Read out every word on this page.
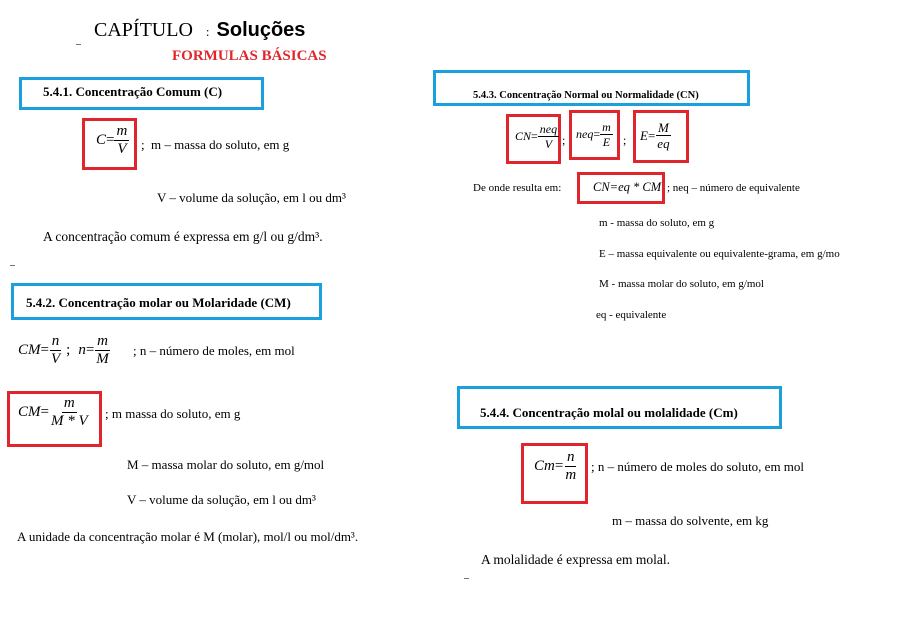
CAPÍTULO : Soluções
FORMULAS BÁSICAS
5.4.1. Concentração Comum (C)
$C = \frac{m}{V}$ ; m – massa do soluto, em g
V – volume da solução, em l ou dm³
A concentração comum é expressa em g/l ou g/dm³.
5.4.2. Concentração molar ou Molaridade (CM)
CM = $\frac{n}{V}$ ; $n = \frac{m}{M}$ ; n – número de moles, em mol
CM = $\frac{m}{M * V}$ ; m massa do soluto, em g
M – massa molar do soluto, em g/mol
V – volume da solução, em l ou dm³
A unidade da concentração molar é M (molar), mol/l ou mol/dm³.
5.4.3. Concentração Normal ou Normalidade (CN)
CN = $\frac{\text{neq}}{V}$ ; neq = $\frac{m}{E}$ ; $E = \frac{M}{eq}$
De onde resulta em:	CN=eq * CM ; neq – número de equivalente
m - massa do soluto, em g
E – massa equivalente ou equivalente-grama, em g/mo
M - massa molar do soluto, em g/mol
eq - equivalente
5.4.4. Concentração molal ou molalidade (Cm)
$Cm = \frac{n}{m}$ ; n – número de moles do soluto, em mol
m – massa do solvente, em kg
A molalidade é expressa em molal.
